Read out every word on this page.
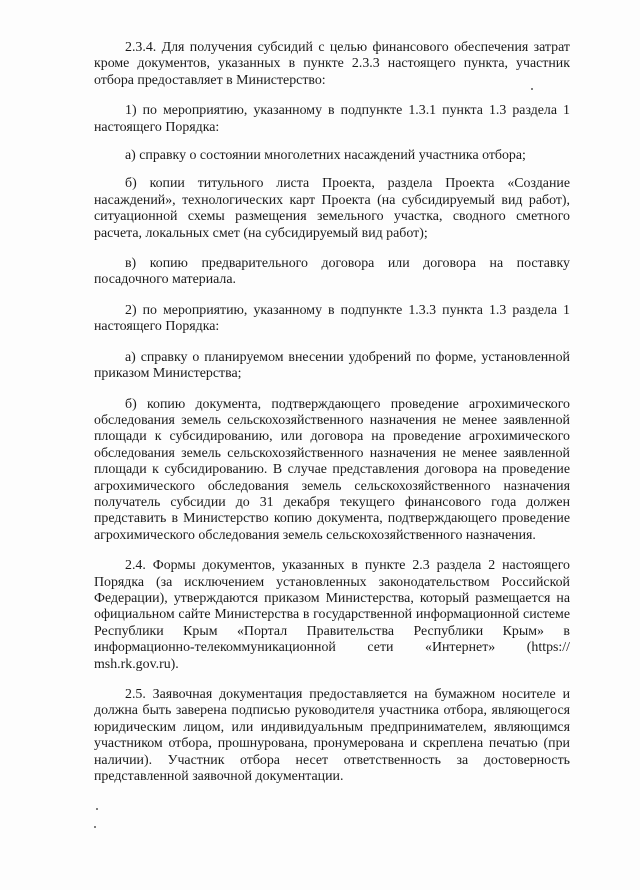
2.3.4. Для получения субсидий с целью финансового обеспечения затрат кроме документов, указанных в пункте 2.3.3 настоящего пункта, участник отбора предоставляет в Министерство:

1) по мероприятию, указанному в подпункте 1.3.1 пункта 1.3 раздела 1 настоящего Порядка:

а) справку о состоянии многолетних насаждений участника отбора;

б) копии титульного листа Проекта, раздела Проекта «Создание насаждений», технологических карт Проекта (на субсидируемый вид работ), ситуационной схемы размещения земельного участка, сводного сметного расчета, локальных смет (на субсидируемый вид работ);

в) копию предварительного договора или договора на поставку посадочного материала.

2) по мероприятию, указанному в подпункте 1.3.3 пункта 1.3 раздела 1 настоящего Порядка:

а) справку о планируемом внесении удобрений по форме, установленной приказом Министерства;

б) копию документа, подтверждающего проведение агрохимического обследования земель сельскохозяйственного назначения не менее заявленной площади к субсидированию, или договора на проведение агрохимического обследования земель сельскохозяйственного назначения не менее заявленной площади к субсидированию. В случае представления договора на проведение агрохимического обследования земель сельскохозяйственного назначения получатель субсидии до 31 декабря текущего финансового года должен представить в Министерство копию документа, подтверждающего проведение агрохимического обследования земель сельскохозяйственного назначения.

2.4. Формы документов, указанных в пункте 2.3 раздела 2 настоящего Порядка (за исключением установленных законодательством Российской Федерации), утверждаются приказом Министерства, который размещается на официальном сайте Министерства в государственной информационной системе Республики Крым «Портал Правительства Республики Крым» в информационно-телекоммуникационной сети «Интернет» (https:// msh.rk.gov.ru).

2.5. Заявочная документация предоставляется на бумажном носителе и должна быть заверена подписью руководителя участника отбора, являющегося юридическим лицом, или индивидуальным предпринимателем, являющимся участником отбора, прошнурована, пронумерована и скреплена печатью (при наличии). Участник отбора несет ответственность за достоверность представленной заявочной документации.
